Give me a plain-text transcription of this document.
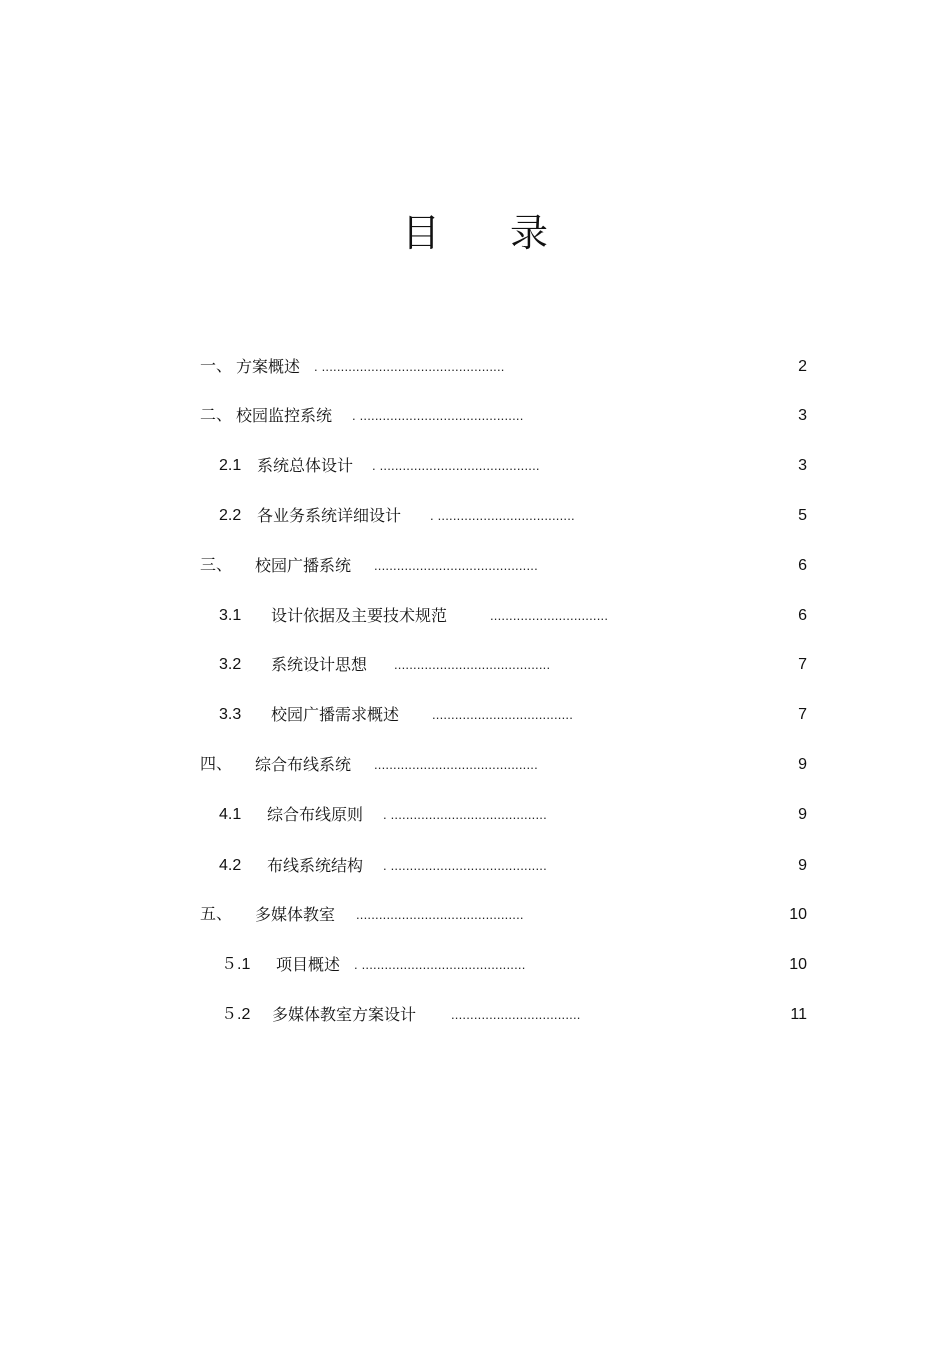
目 录
一、 方案概述 . ................................................	2
二、 校园监控系统 . ...........................................	3
2.1 系统总体设计 . ..........................................	3
2.2 各业务系统详细设计 . ....................................	5
三、 校园广播系统 ...........................................	6
3.1 设计依据及主要技术规范	...............................	6
3.2 系统设计思想 .........................................	7
3.3 校园广播需求概述	.....................................	7
四、 综合布线系统 ...........................................	9
4.1 综合布线原则 . .........................................	9
4.2 布线系统结构 . .........................................	9
五、 多媒体教室 ............................................	10
５.1 项目概述 . ...........................................	10
５.2 多媒体教室方案设计	..................................	11
